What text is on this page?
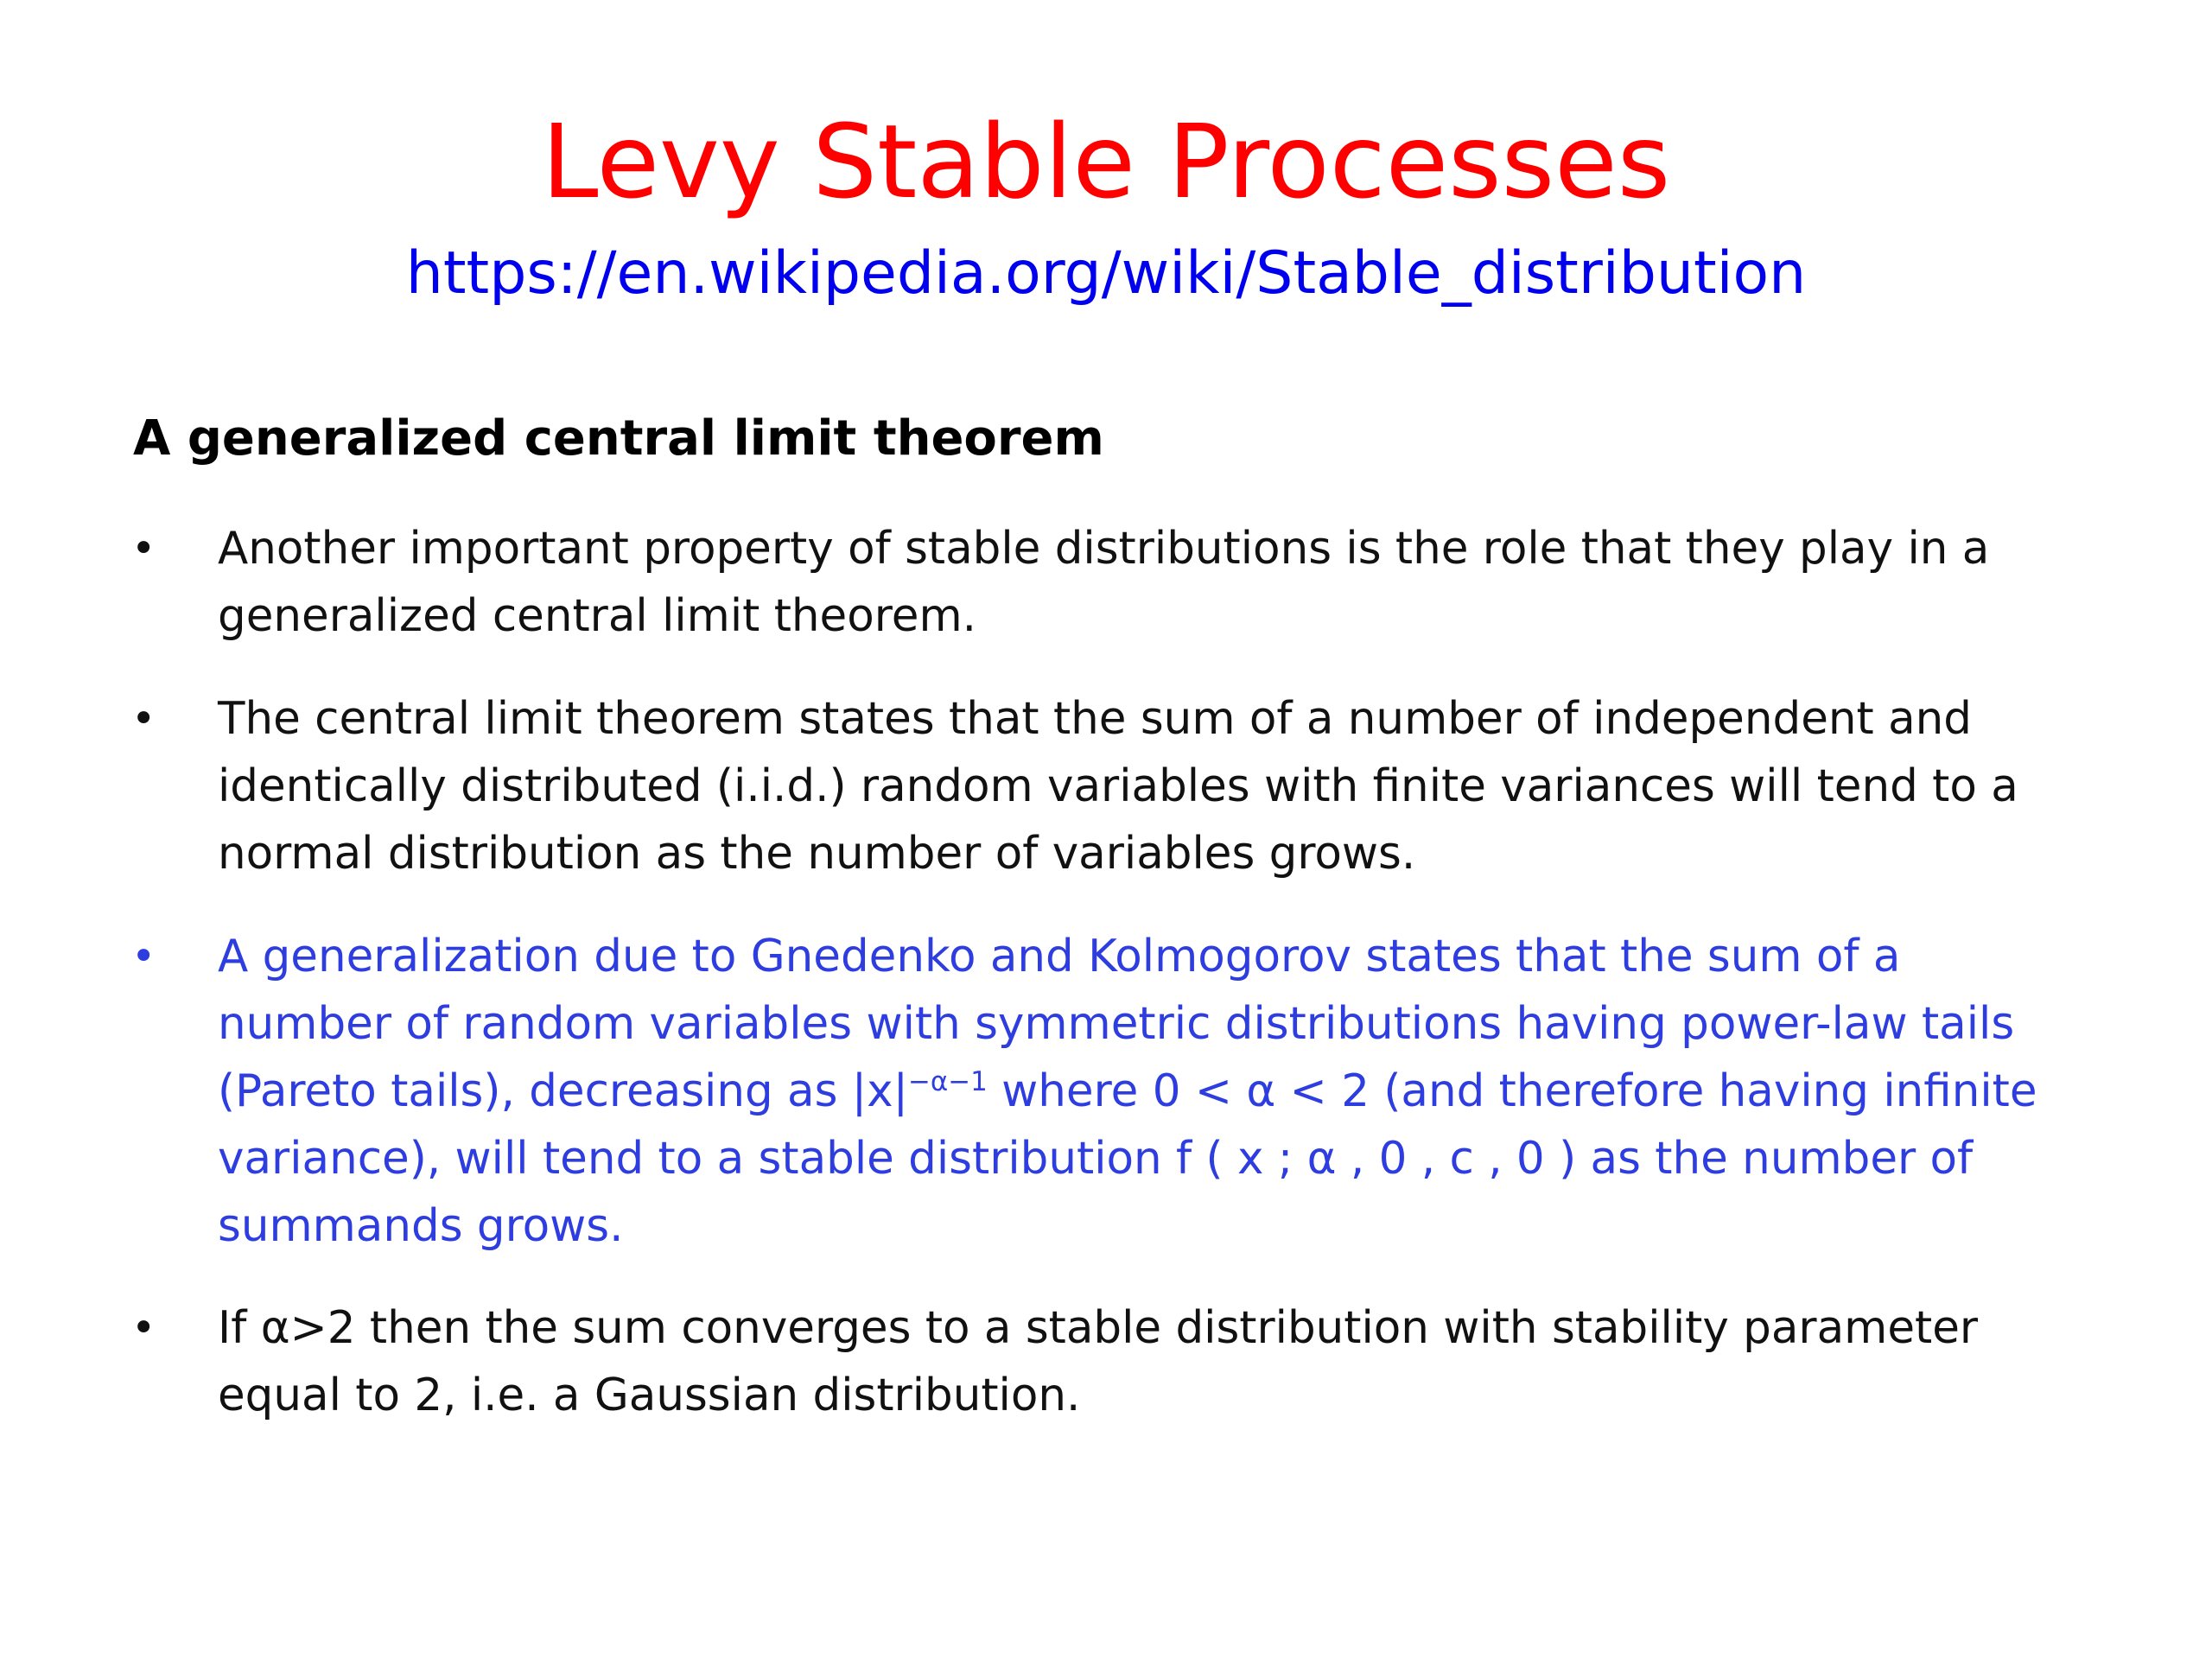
Levy Stable Processes
https://en.wikipedia.org/wiki/Stable_distribution
A generalized central limit theorem
• Another important property of stable distributions is the role that they play in a
generalized central limit theorem.
• The central limit theorem states that the sum of a number of independent and
identically distributed (i.i.d.) random variables with finite variances will tend to a
normal distribution as the number of variables grows.
• A generalization due to Gnedenko and Kolmogorov states that the sum of a
number of random variables with symmetric distributions having power-law tails
(Pareto tails), decreasing as $|x|^{-\alpha-1}$ where 0 < α < 2 (and therefore having infinite
variance), will tend to a stable distribution f ( x ; α , 0 , c , 0 ) as the number of
summands grows.
• If α>2 then the sum converges to a stable distribution with stability parameter
equal to 2, i.e. a Gaussian distribution.
